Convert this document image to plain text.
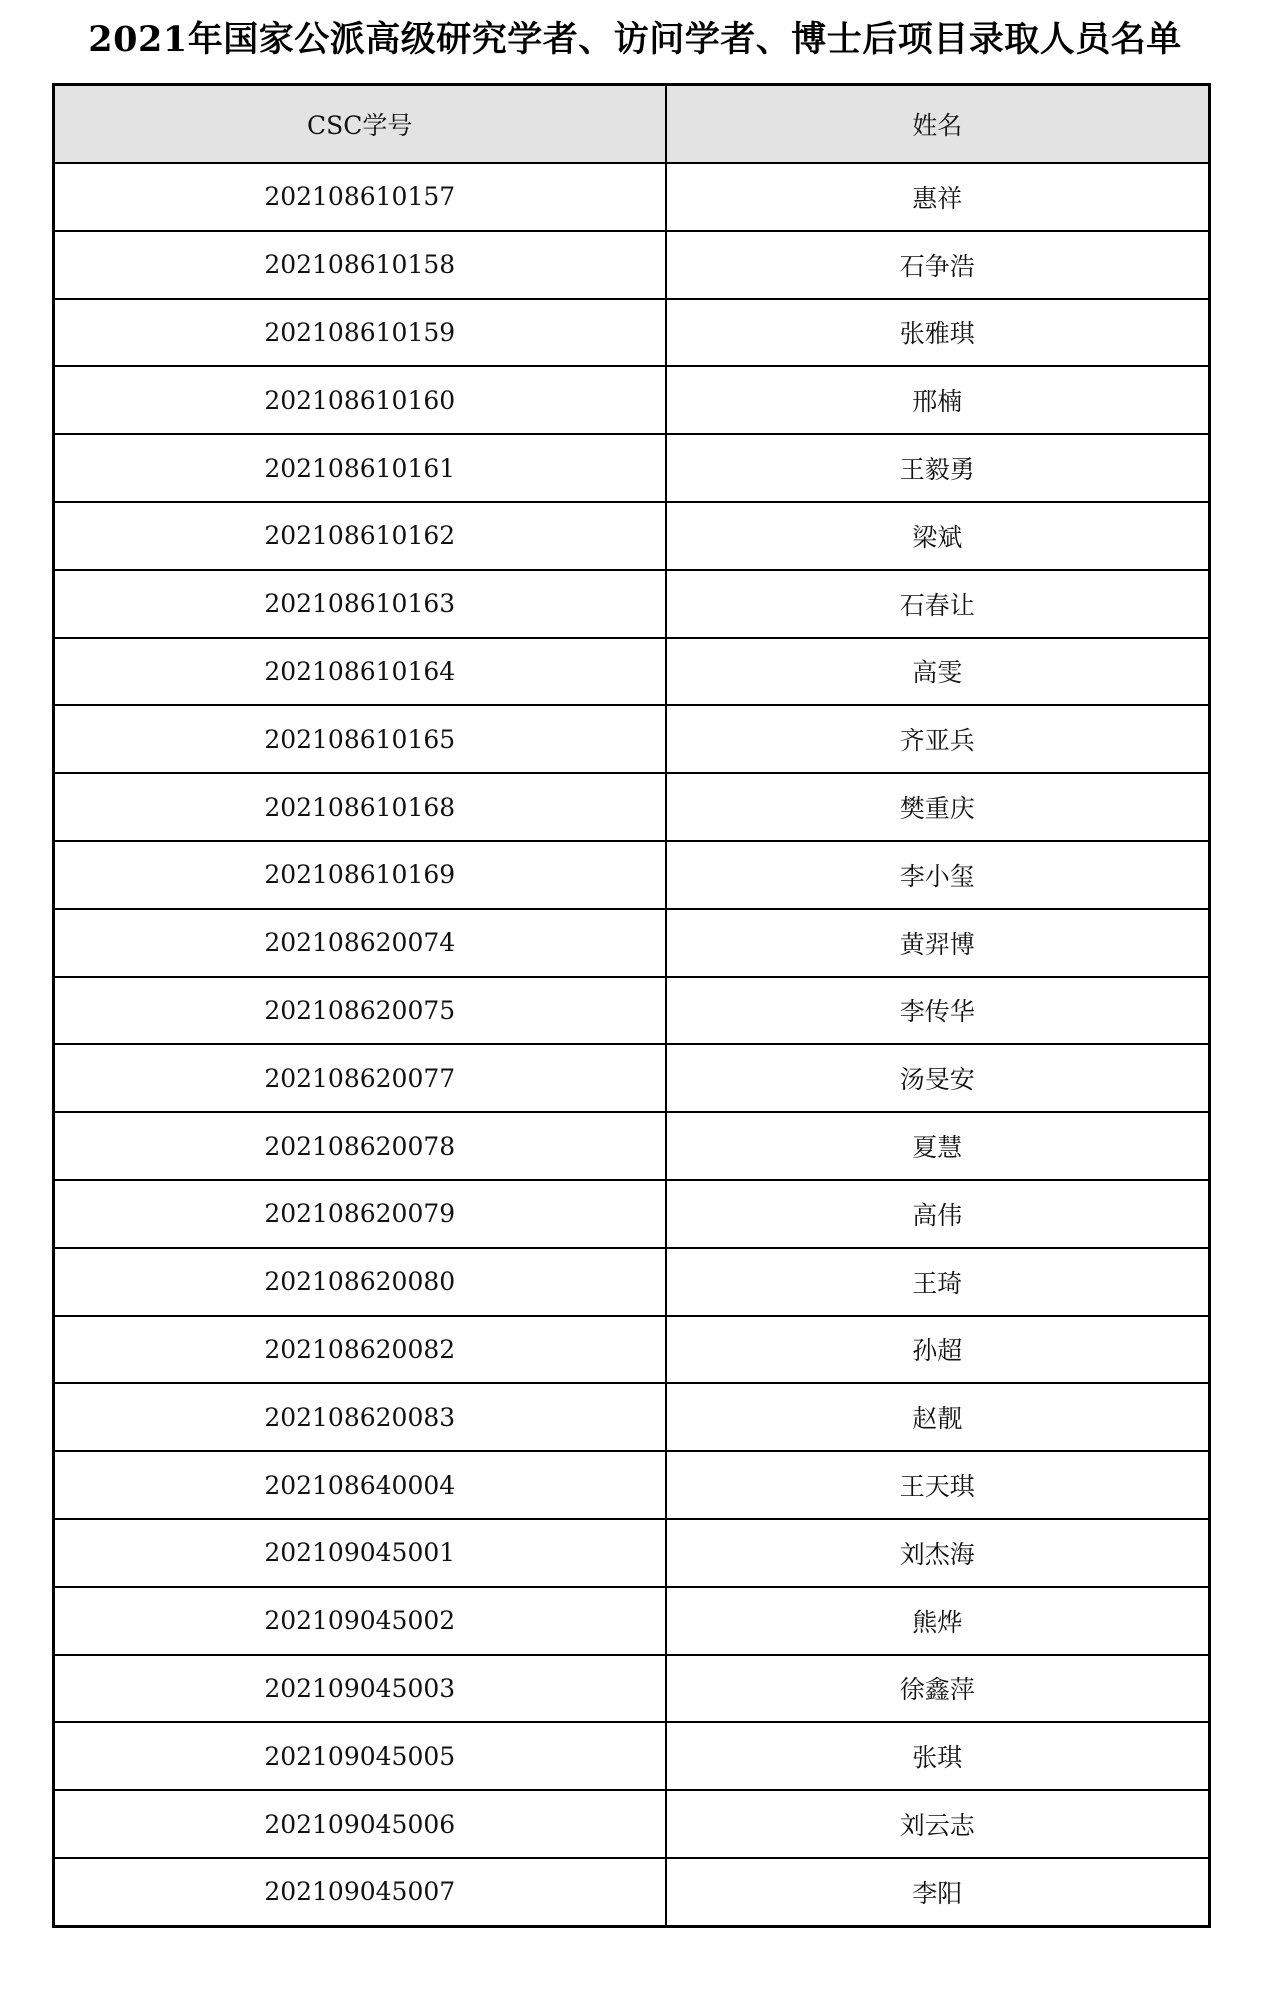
2021年国家公派高级研究学者、访问学者、博士后项目录取人员名单
CSC学号	姓名
202108610157	惠祥
202108610158	石争浩
202108610159	张雅琪
202108610160	邢楠
202108610161	王毅勇
202108610162	梁斌
202108610163	石春让
202108610164	高雯
202108610165	齐亚兵
202108610168	樊重庆
202108610169	李小玺
202108620074	黄羿博
202108620075	李传华
202108620077	汤旻安
202108620078	夏慧
202108620079	高伟
202108620080	王琦
202108620082	孙超
202108620083	赵靓
202108640004	王天琪
202109045001	刘杰海
202109045002	熊烨
202109045003	徐鑫萍
202109045005	张琪
202109045006	刘云志
202109045007	李阳
